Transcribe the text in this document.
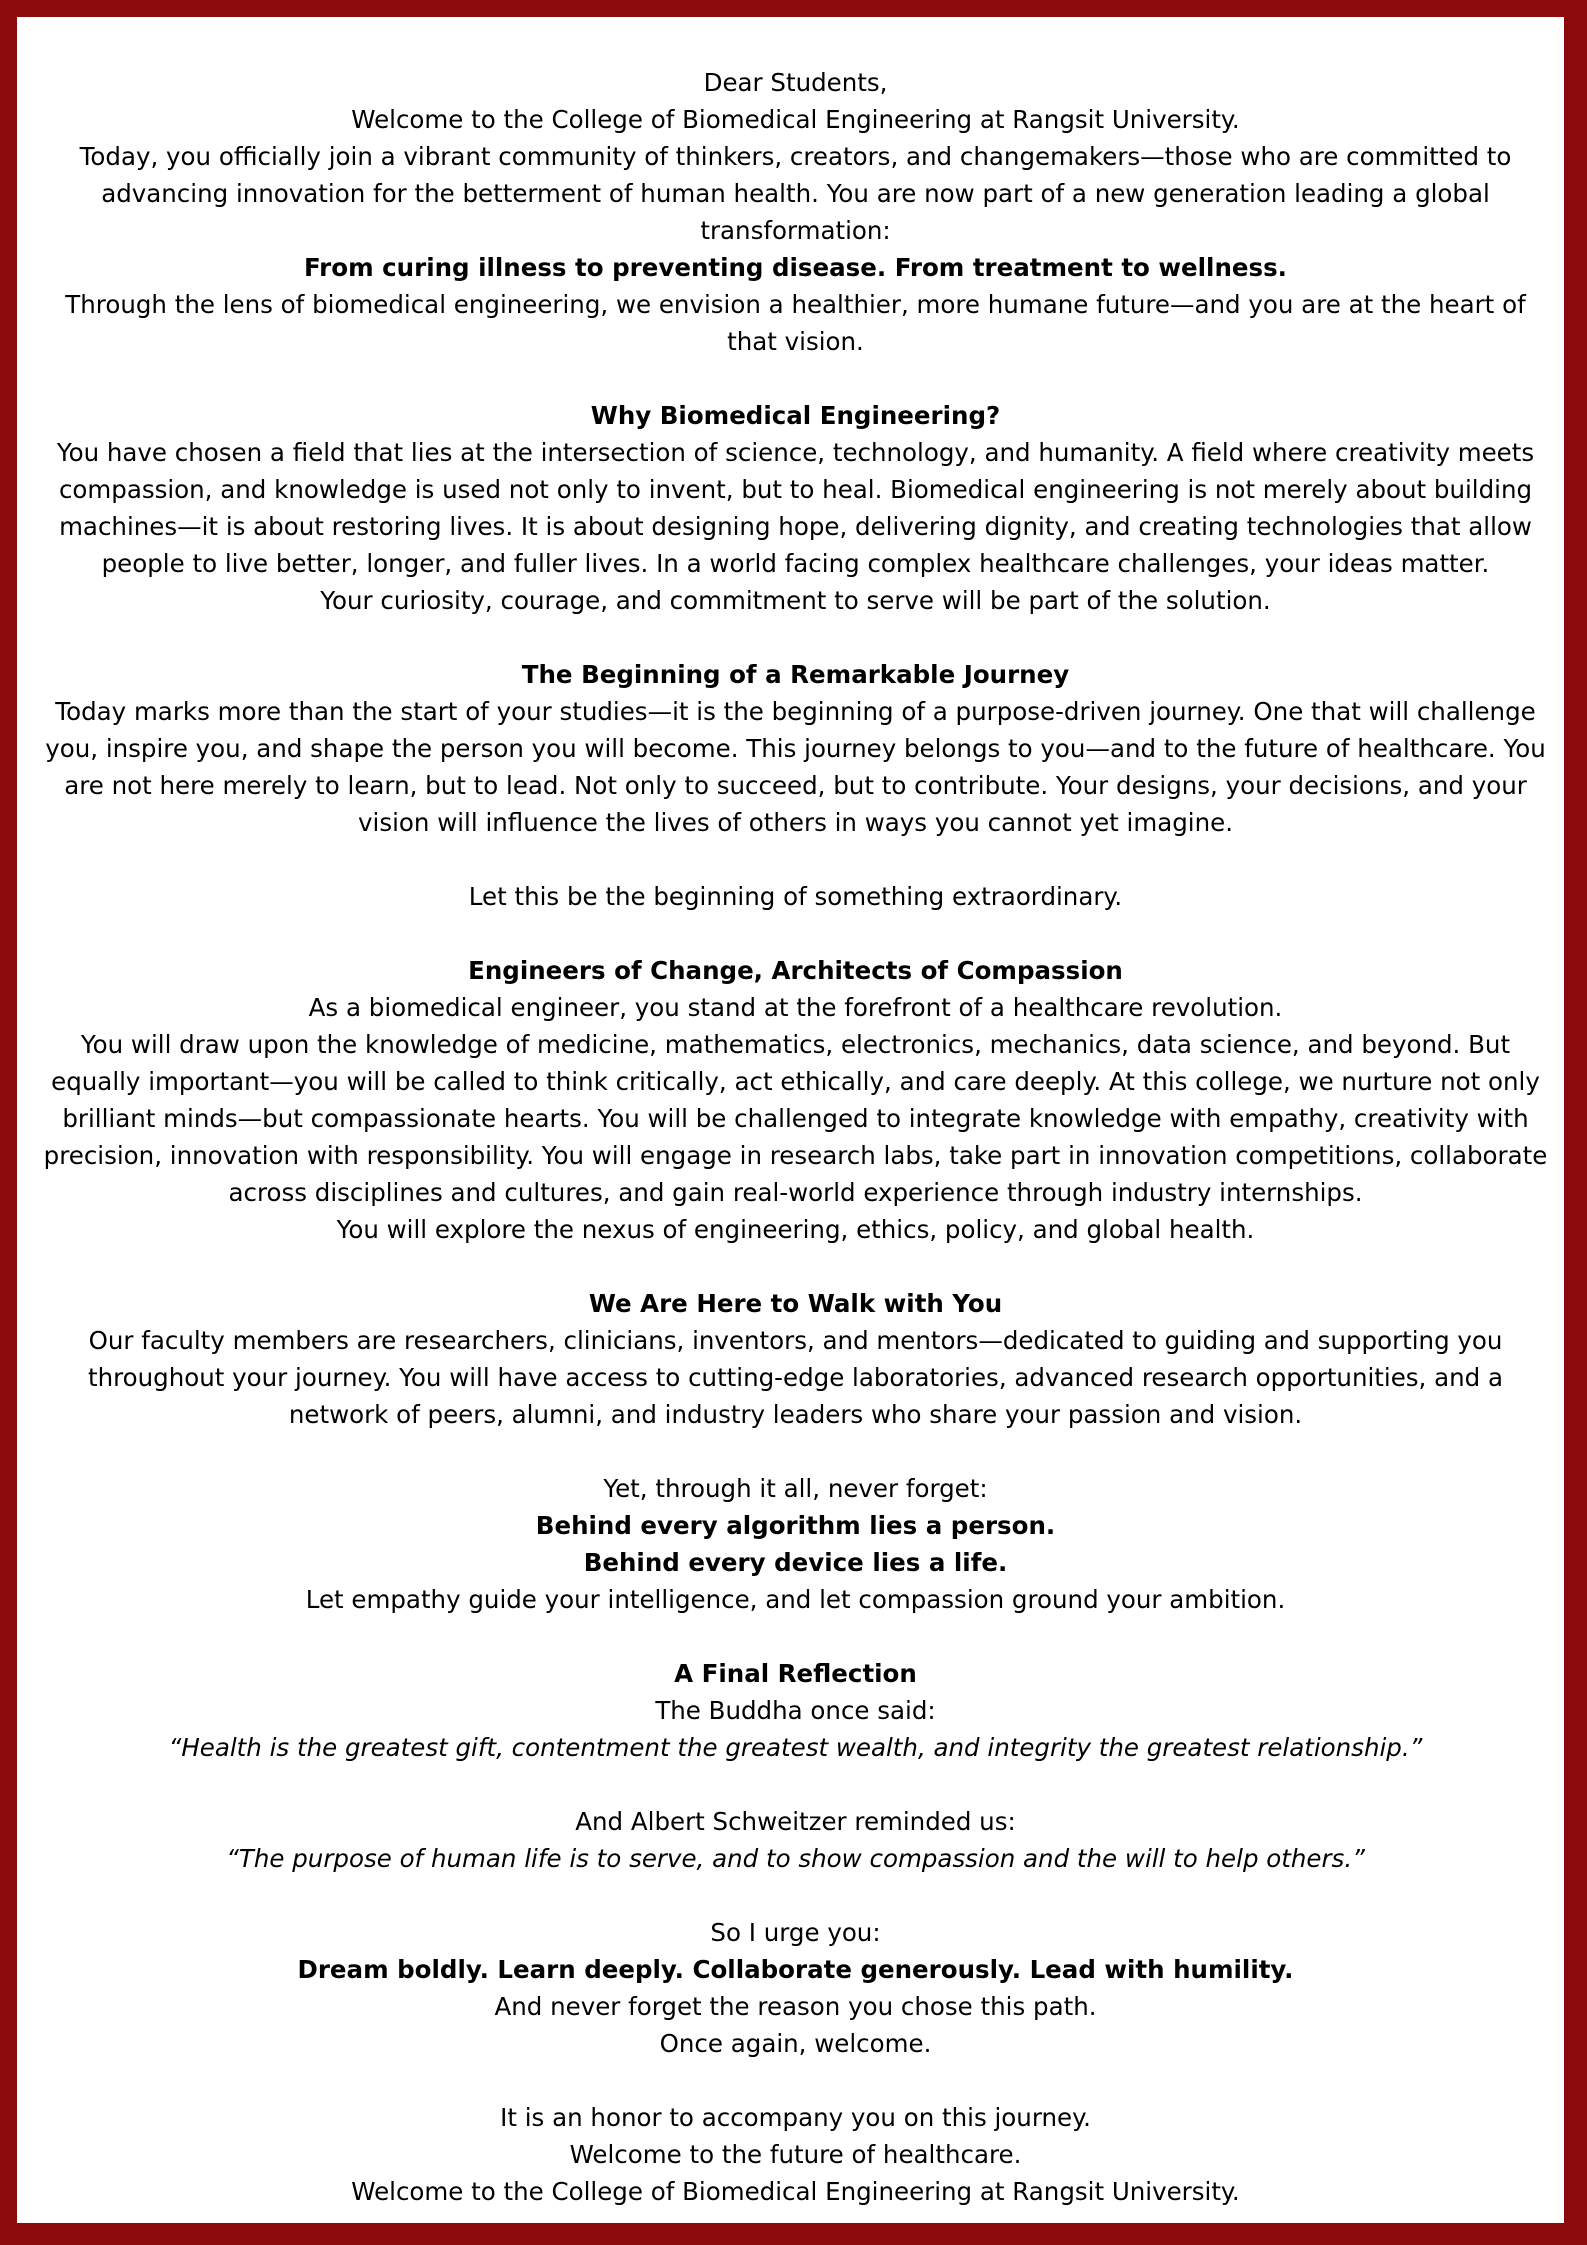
Dear Students,

Welcome to the College of Biomedical Engineering at Rangsit University.

Today, you officially join a vibrant community of thinkers, creators, and changemakers—those who are committed to advancing innovation for the betterment of human health. You are now part of a new generation leading a global transformation:

From curing illness to preventing disease. From treatment to wellness.

Through the lens of biomedical engineering, we envision a healthier, more humane future—and you are at the heart of that vision.

Why Biomedical Engineering?

You have chosen a field that lies at the intersection of science, technology, and humanity. A field where creativity meets compassion, and knowledge is used not only to invent, but to heal. Biomedical engineering is not merely about building machines—it is about restoring lives. It is about designing hope, delivering dignity, and creating technologies that allow people to live better, longer, and fuller lives. In a world facing complex healthcare challenges, your ideas matter.

Your curiosity, courage, and commitment to serve will be part of the solution.

The Beginning of a Remarkable Journey

Today marks more than the start of your studies—it is the beginning of a purpose-driven journey. One that will challenge you, inspire you, and shape the person you will become. This journey belongs to you—and to the future of healthcare. You are not here merely to learn, but to lead. Not only to succeed, but to contribute. Your designs, your decisions, and your vision will influence the lives of others in ways you cannot yet imagine.

Let this be the beginning of something extraordinary.

Engineers of Change, Architects of Compassion

As a biomedical engineer, you stand at the forefront of a healthcare revolution.

You will draw upon the knowledge of medicine, mathematics, electronics, mechanics, data science, and beyond. But equally important—you will be called to think critically, act ethically, and care deeply. At this college, we nurture not only brilliant minds—but compassionate hearts. You will be challenged to integrate knowledge with empathy, creativity with precision, innovation with responsibility. You will engage in research labs, take part in innovation competitions, collaborate across disciplines and cultures, and gain real-world experience through industry internships.

You will explore the nexus of engineering, ethics, policy, and global health.

We Are Here to Walk with You

Our faculty members are researchers, clinicians, inventors, and mentors—dedicated to guiding and supporting you throughout your journey. You will have access to cutting-edge laboratories, advanced research opportunities, and a network of peers, alumni, and industry leaders who share your passion and vision.

Yet, through it all, never forget:

Behind every algorithm lies a person.

Behind every device lies a life.

Let empathy guide your intelligence, and let compassion ground your ambition.

A Final Reflection

The Buddha once said:

“Health is the greatest gift, contentment the greatest wealth, and integrity the greatest relationship.”

And Albert Schweitzer reminded us:

“The purpose of human life is to serve, and to show compassion and the will to help others.”

So I urge you:

Dream boldly. Learn deeply. Collaborate generously. Lead with humility.

And never forget the reason you chose this path.

Once again, welcome.

It is an honor to accompany you on this journey.

Welcome to the future of healthcare.

Welcome to the College of Biomedical Engineering at Rangsit University.
